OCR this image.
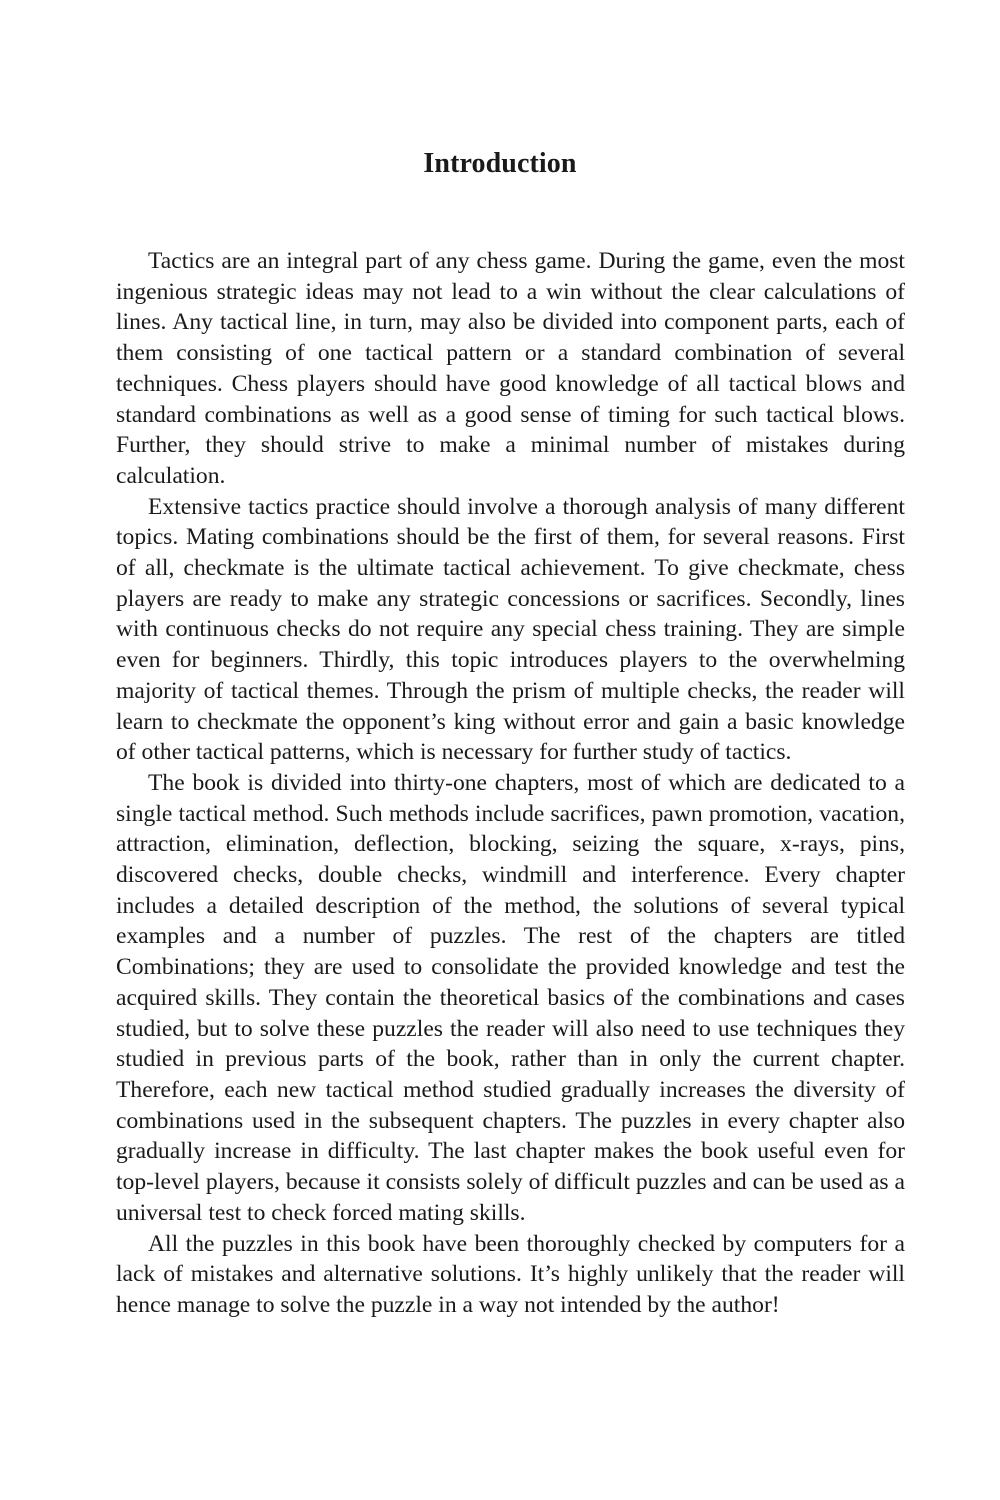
Introduction

Tactics are an integral part of any chess game. During the game, even the most ingenious strategic ideas may not lead to a win without the clear calculations of lines. Any tactical line, in turn, may also be divided into component parts, each of them consisting of one tactical pattern or a standard combination of several techniques. Chess players should have good knowledge of all tactical blows and standard combinations as well as a good sense of timing for such tactical blows. Further, they should strive to make a minimal number of mistakes during calculation.

Extensive tactics practice should involve a thorough analysis of many different topics. Mating combinations should be the first of them, for several reasons. First of all, checkmate is the ultimate tactical achievement. To give checkmate, chess players are ready to make any strategic concessions or sacrifices. Secondly, lines with continuous checks do not require any special chess training. They are simple even for beginners. Thirdly, this topic introduces players to the overwhelming majority of tactical themes. Through the prism of multiple checks, the reader will learn to checkmate the opponent’s king without error and gain a basic knowledge of other tactical patterns, which is necessary for further study of tactics.

The book is divided into thirty-one chapters, most of which are dedicated to a single tactical method. Such methods include sacrifices, pawn promotion, vacation, attraction, elimination, deflection, blocking, seizing the square, x-rays, pins, discovered checks, double checks, windmill and interference. Every chapter includes a detailed description of the method, the solutions of several typical examples and a number of puzzles. The rest of the chapters are titled Combinations; they are used to consolidate the provided knowledge and test the acquired skills. They contain the theoretical basics of the combinations and cases studied, but to solve these puzzles the reader will also need to use techniques they studied in previous parts of the book, rather than in only the current chapter. Therefore, each new tactical method studied gradually increases the diversity of combinations used in the subsequent chapters. The puzzles in every chapter also gradually increase in difficulty. The last chapter makes the book useful even for top-level players, because it consists solely of difficult puzzles and can be used as a universal test to check forced mating skills.

All the puzzles in this book have been thoroughly checked by computers for a lack of mistakes and alternative solutions. It’s highly unlikely that the reader will hence manage to solve the puzzle in a way not intended by the author!
